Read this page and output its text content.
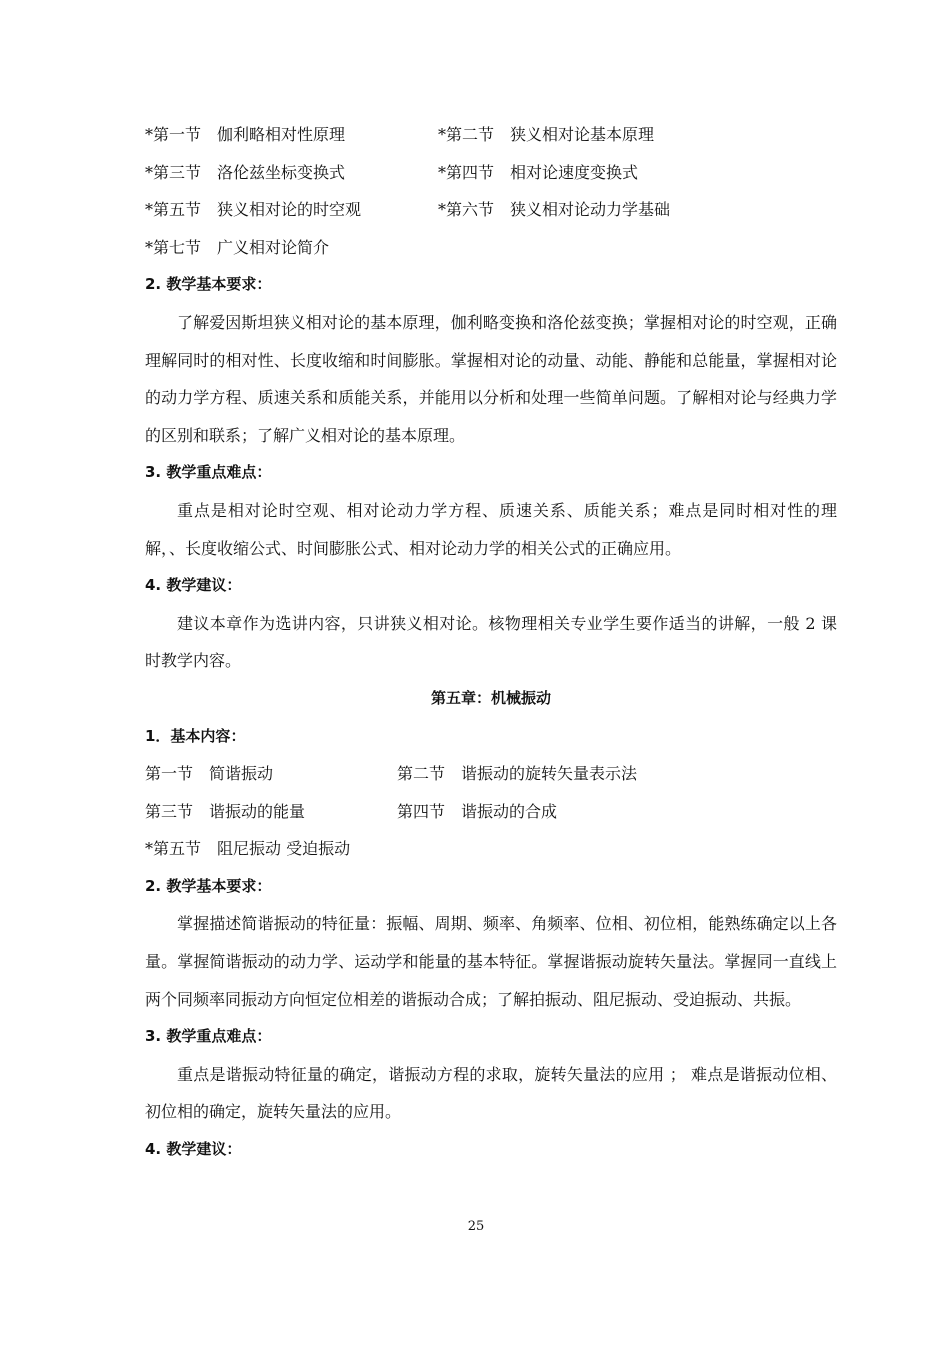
*第一节　伽利略相对性原理	*第二节　狭义相对论基本原理
*第三节　洛伦兹坐标变换式	*第四节　相对论速度变换式
*第五节　狭义相对论的时空观	*第六节　狭义相对论动力学基础
*第七节　广义相对论简介
2. 教学基本要求：

了解爱因斯坦狭义相对论的基本原理，伽利略变换和洛伦兹变换；掌握相对论的时空观，正确理解同时的相对性、长度收缩和时间膨胀。掌握相对论的动量、动能、静能和总能量，掌握相对论的动力学方程、质速关系和质能关系，并能用以分析和处理一些简单问题。了解相对论与经典力学的区别和联系；了解广义相对论的基本原理。

3. 教学重点难点：

重点是相对论时空观、相对论动力学方程、质速关系、质能关系；难点是同时相对性的理解，、长度收缩公式、时间膨胀公式、相对论动力学的相关公式的正确应用。

4. 教学建议：

建议本章作为选讲内容，只讲狭义相对论。核物理相关专业学生要作适当的讲解，一般 2 课时教学内容。

第五章：机械振动
1．基本内容：
第一节　简谐振动	第二节　谐振动的旋转矢量表示法
第三节　谐振动的能量	第四节　谐振动的合成
*第五节　阻尼振动 受迫振动
2. 教学基本要求：

掌握描述简谐振动的特征量：振幅、周期、频率、角频率、位相、初位相，能熟练确定以上各量。掌握简谐振动的动力学、运动学和能量的基本特征。掌握谐振动旋转矢量法。掌握同一直线上两个同频率同振动方向恒定位相差的谐振动合成；了解拍振动、阻尼振动、受迫振动、共振。

3. 教学重点难点：

重点是谐振动特征量的确定，谐振动方程的求取，旋转矢量法的应用 ； 难点是谐振动位相、初位相的确定，旋转矢量法的应用。

4. 教学建议：
25
